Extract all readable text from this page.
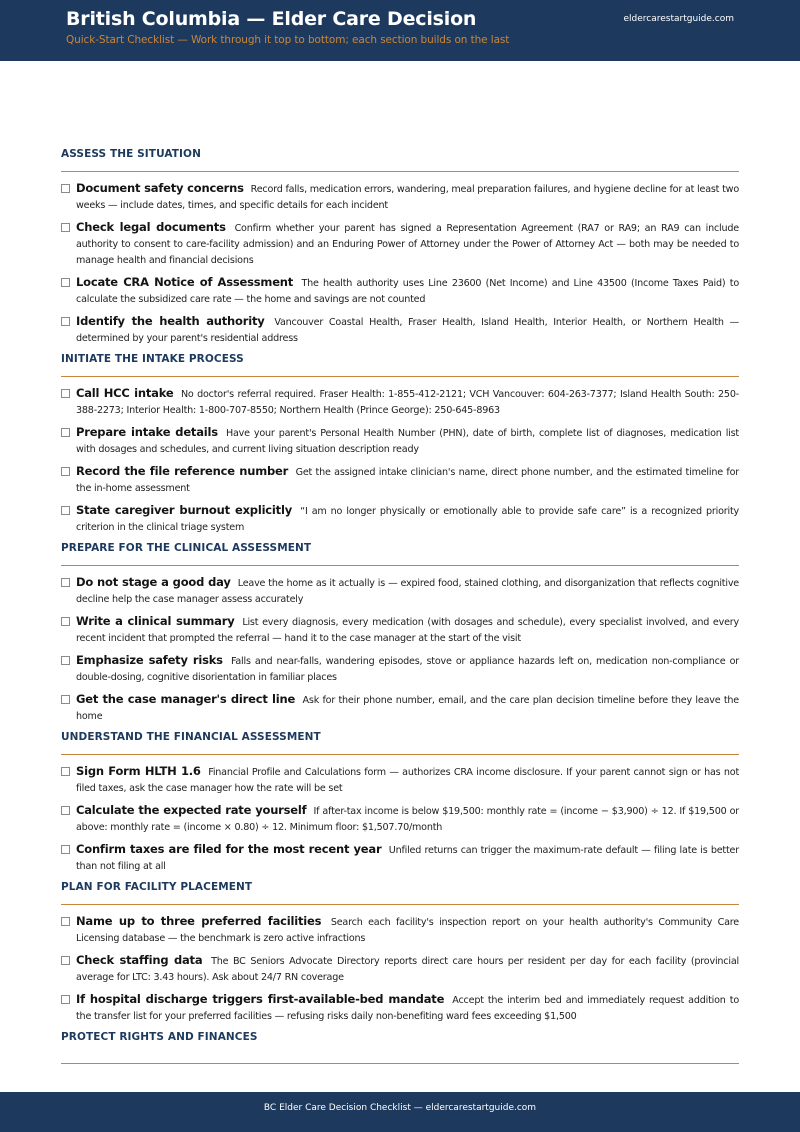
British Columbia — Elder Care Decision
Quick-Start Checklist — Work through it top to bottom; each section builds on the last
eldercarestartguide.com
ASSESS THE SITUATION
Document safety concerns Record falls, medication errors, wandering, meal preparation failures, and hygiene decline for at least two weeks — include dates, times, and specific details for each incident
Check legal documents Confirm whether your parent has signed a Representation Agreement (RA7 or RA9; an RA9 can include authority to consent to care-facility admission) and an Enduring Power of Attorney under the Power of Attorney Act — both may be needed to manage health and financial decisions
Locate CRA Notice of Assessment The health authority uses Line 23600 (Net Income) and Line 43500 (Income Taxes Paid) to calculate the subsidized care rate — the home and savings are not counted
Identify the health authority Vancouver Coastal Health, Fraser Health, Island Health, Interior Health, or Northern Health — determined by your parent's residential address
INITIATE THE INTAKE PROCESS
Call HCC intake No doctor's referral required. Fraser Health: 1-855-412-2121; VCH Vancouver: 604-263-7377; Island Health South: 250-388-2273; Interior Health: 1-800-707-8550; Northern Health (Prince George): 250-645-8963
Prepare intake details Have your parent's Personal Health Number (PHN), date of birth, complete list of diagnoses, medication list with dosages and schedules, and current living situation description ready
Record the file reference number Get the assigned intake clinician's name, direct phone number, and the estimated timeline for the in-home assessment
State caregiver burnout explicitly “I am no longer physically or emotionally able to provide safe care” is a recognized priority criterion in the clinical triage system
PREPARE FOR THE CLINICAL ASSESSMENT
Do not stage a good day Leave the home as it actually is — expired food, stained clothing, and disorganization that reflects cognitive decline help the case manager assess accurately
Write a clinical summary List every diagnosis, every medication (with dosages and schedule), every specialist involved, and every recent incident that prompted the referral — hand it to the case manager at the start of the visit
Emphasize safety risks Falls and near-falls, wandering episodes, stove or appliance hazards left on, medication non-compliance or double-dosing, cognitive disorientation in familiar places
Get the case manager's direct line Ask for their phone number, email, and the care plan decision timeline before they leave the home
UNDERSTAND THE FINANCIAL ASSESSMENT
Sign Form HLTH 1.6 Financial Profile and Calculations form — authorizes CRA income disclosure. If your parent cannot sign or has not filed taxes, ask the case manager how the rate will be set
Calculate the expected rate yourself If after-tax income is below $19,500: monthly rate = (income − $3,900) ÷ 12. If $19,500 or above: monthly rate = (income × 0.80) ÷ 12. Minimum floor: $1,507.70/month
Confirm taxes are filed for the most recent year Unfiled returns can trigger the maximum-rate default — filing late is better than not filing at all
PLAN FOR FACILITY PLACEMENT
Name up to three preferred facilities Search each facility's inspection report on your health authority's Community Care Licensing database — the benchmark is zero active infractions
Check staffing data The BC Seniors Advocate Directory reports direct care hours per resident per day for each facility (provincial average for LTC: 3.43 hours). Ask about 24/7 RN coverage
If hospital discharge triggers first-available-bed mandate Accept the interim bed and immediately request addition to the transfer list for your preferred facilities — refusing risks daily non-benefiting ward fees exceeding $1,500
PROTECT RIGHTS AND FINANCES
BC Elder Care Decision Checklist — eldercarestartguide.com
